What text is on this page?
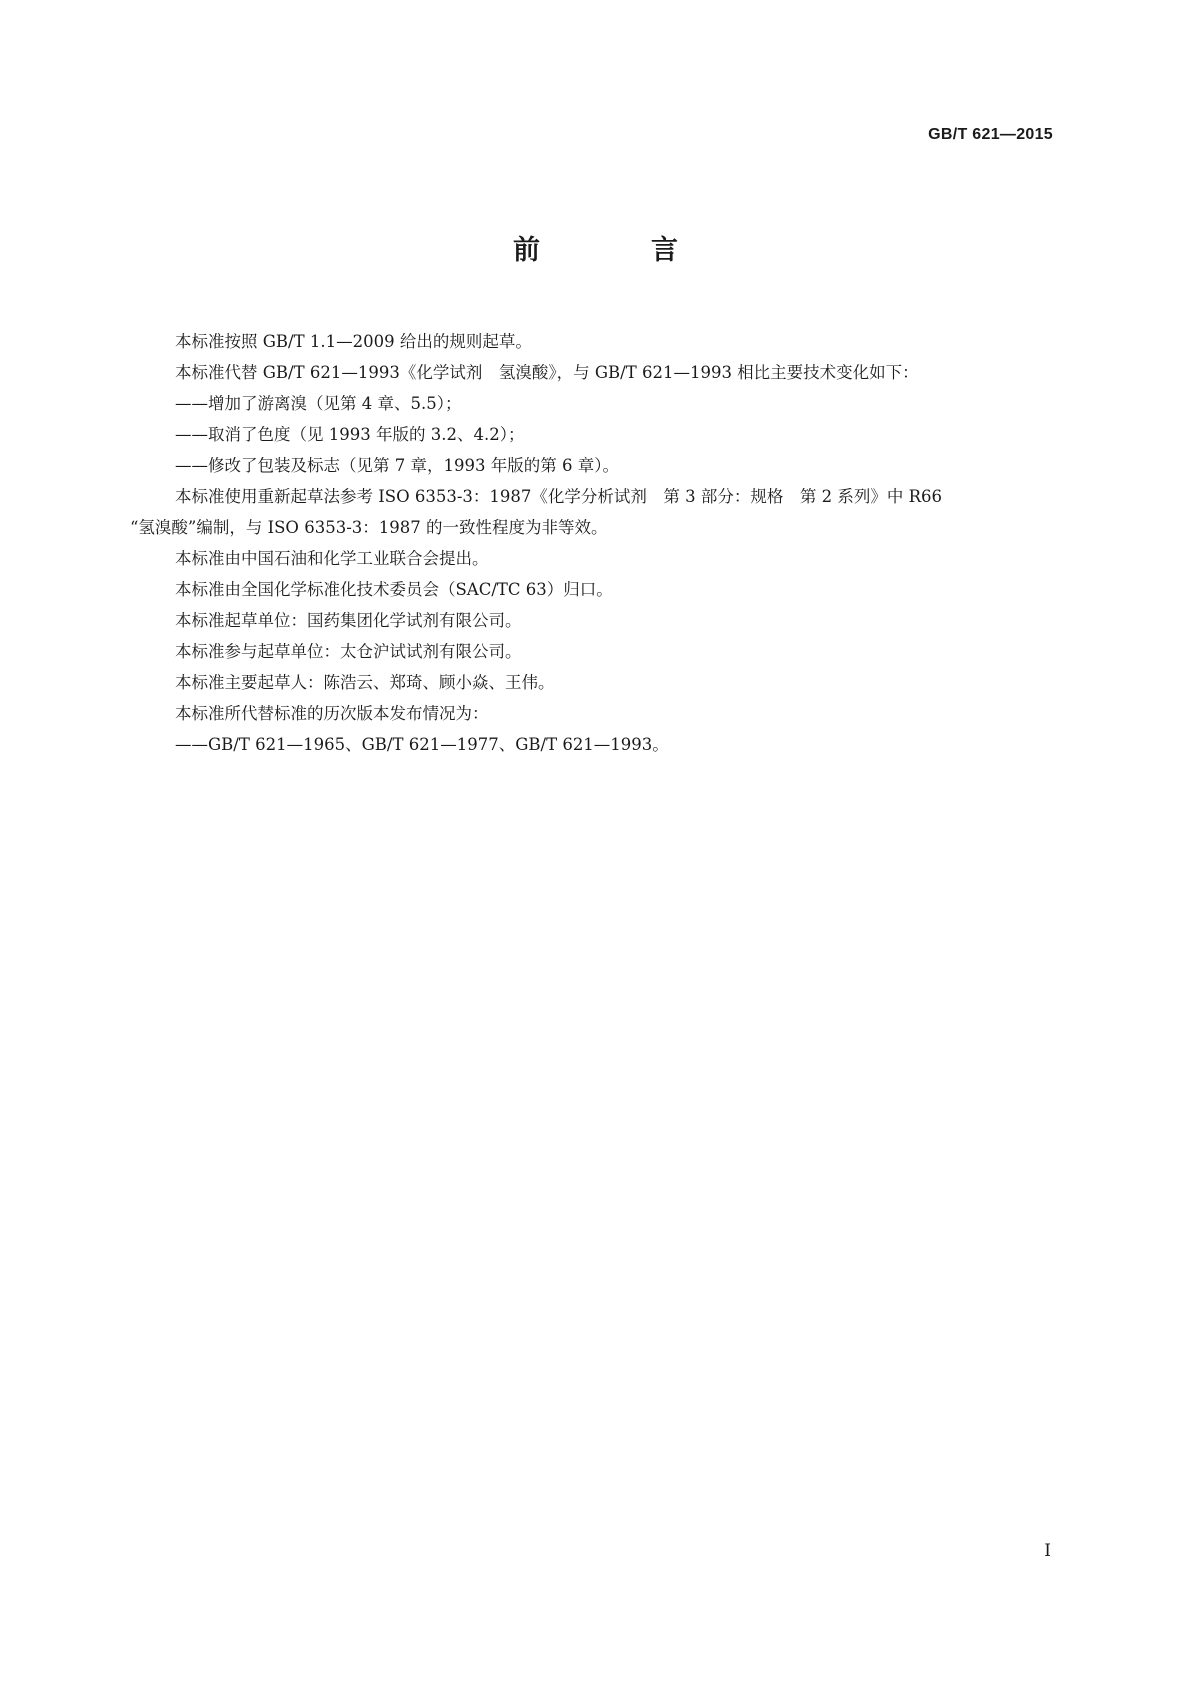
GB/T 621—2015
前　言
本标准按照 GB/T 1.1—2009 给出的规则起草。
本标准代替 GB/T 621—1993《化学试剂　氢溴酸》，与 GB/T 621—1993 相比主要技术变化如下：
——增加了游离溴（见第 4 章、5.5）；
——取消了色度（见 1993 年版的 3.2、4.2）；
——修改了包装及标志（见第 7 章，1993 年版的第 6 章）。
本标准使用重新起草法参考 ISO 6353-3：1987《化学分析试剂　第 3 部分：规格　第 2 系列》中 R66
“氢溴酸”编制，与 ISO 6353-3：1987 的一致性程度为非等效。
本标准由中国石油和化学工业联合会提出。
本标准由全国化学标准化技术委员会（SAC/TC 63）归口。
本标准起草单位：国药集团化学试剂有限公司。
本标准参与起草单位：太仓沪试试剂有限公司。
本标准主要起草人：陈浩云、郑琦、顾小焱、王伟。
本标准所代替标准的历次版本发布情况为：
——GB/T 621—1965、GB/T 621—1977、GB/T 621—1993。
I
